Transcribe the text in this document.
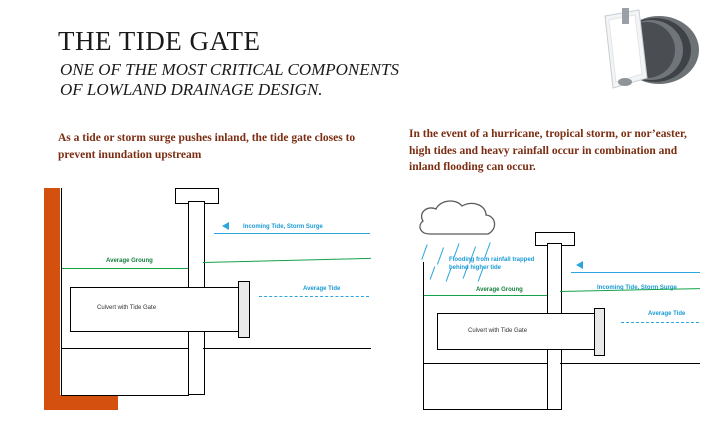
THE TIDE GATE
ONE OF THE MOST CRITICAL COMPONENTS
OF LOWLAND DRAINAGE DESIGN.
As a tide or storm surge pushes inland, the tide gate closes to prevent inundation upstream
In the event of a hurricane, tropical storm, or nor’easter, high tides and heavy rainfall occur in combination and inland flooding can occur.
Incoming Tide, Storm Surge
Average Groung
Average Tide
Culvert with Tide Gate
Flooding from rainfall trapped behind higher tide
Incoming Tide, Storm Surge
Average Groung
Average Tide
Culvert with Tide Gate
